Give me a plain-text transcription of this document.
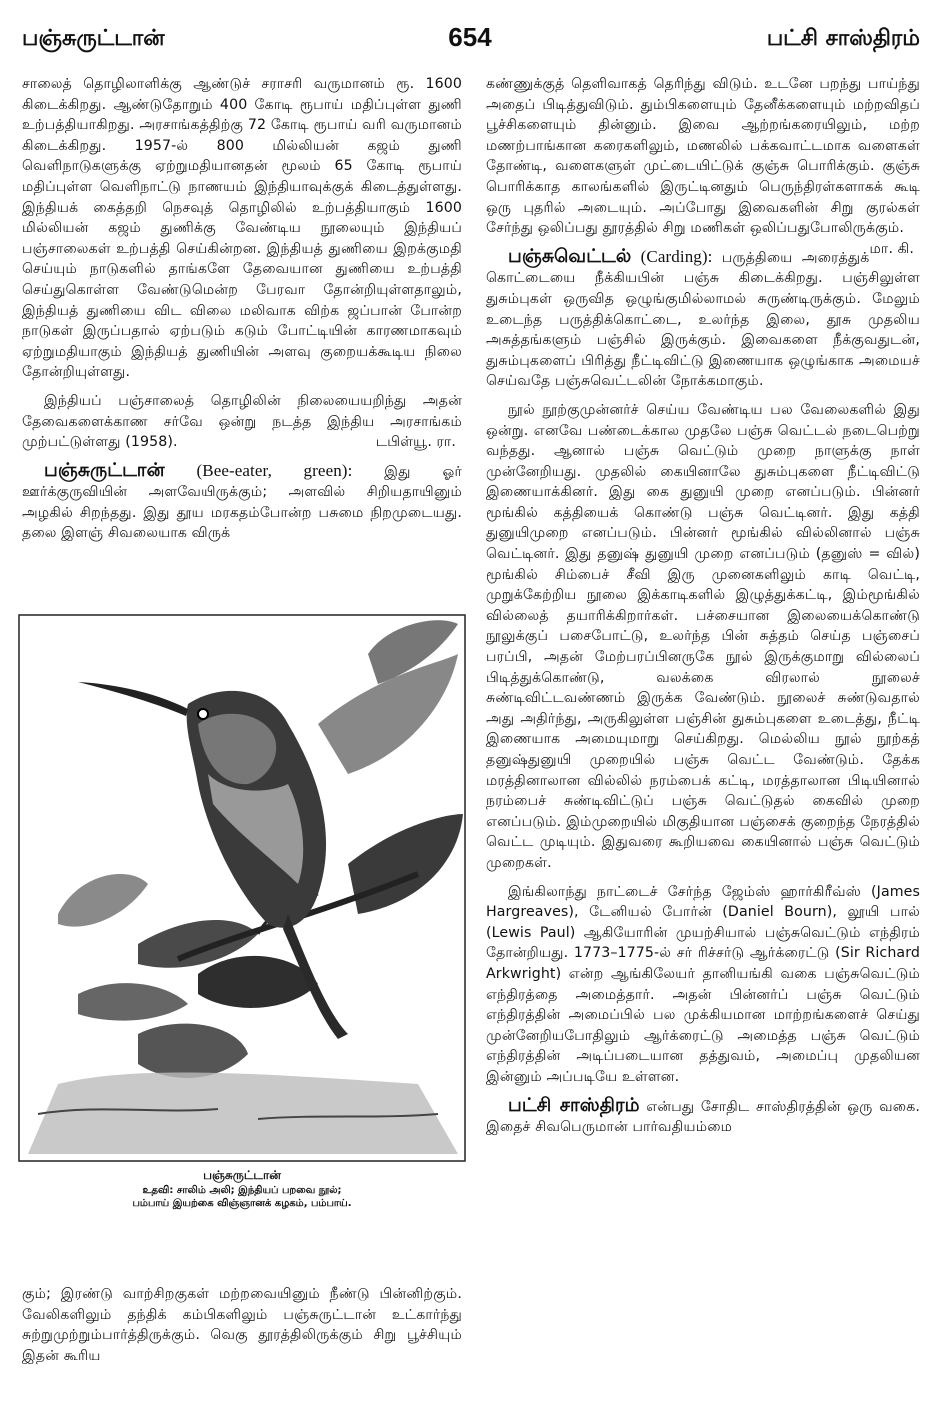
பஞ்சுருட்டான்	654	பட்சி சாஸ்திரம்

சாலைத் தொழிலாளிக்கு ஆண்டுச் சராசரி வருமானம் ரூ. 1600 கிடைக்கிறது. ஆண்டுதோறும் 400 கோடி ரூபாய் மதிப்புள்ள துணி உற்பத்தியாகிறது. அரசாங்கத்திற்கு 72 கோடி ரூபாய் வரி வருமானம் கிடைக்கிறது. 1957-ல் 800 மில்லியன் கஜம் துணி வெளிநாடுகளுக்கு ஏற்றுமதியானதன் மூலம் 65 கோடி ரூபாய் மதிப்புள்ள வெளிநாட்டு நாணயம் இந்தியாவுக்குக் கிடைத்துள்ளது. இந்தியக் கைத்தறி நெசவுத் தொழிலில் உற்பத்தியாகும் 1600 மில்லியன் கஜம் துணிக்கு வேண்டிய நூலையும் இந்தியப் பஞ்சாலைகள் உற்பத்தி செய்கின்றன. இந்தியத் துணியை இறக்குமதி செய்யும் நாடுகளில் தாங்களே தேவையான துணியை உற்பத்தி செய்துகொள்ள வேண்டுமென்ற பேரவா தோன்றியுள்ளதாலும், இந்தியத் துணியை விட விலை மலிவாக விற்க ஜப்பான் போன்ற நாடுகள் இருப்பதால் ஏற்படும் கடும் போட்டியின் காரணமாகவும் ஏற்றுமதியாகும் இந்தியத் துணியின் அளவு குறையக்கூடிய நிலை தோன்றியுள்ளது.

இந்தியப் பஞ்சாலைத் தொழிலின் நிலையையறிந்து அதன் தேவைகளைக்காண சர்வே ஒன்று நடத்த இந்திய அரசாங்கம் முற்பட்டுள்ளது (1958).	டபிள்யூ. ரா.

பஞ்சுருட்டான் (Bee-eater, green): இது ஓர் ஊர்க்குருவியின் அளவேயிருக்கும்; அளவில் சிறியதாயினும் அழகில் சிறந்தது. இது தூய மரகதம்போன்ற பசுமை நிறமுடையது. தலை இளஞ் சிவலையாக விருக்

பஞ்சுருட்டான்
உதவி: சாலிம் அலி; இந்தியப் பறவை நூல்;
பம்பாய் இயற்கை விஞ்ஞானக் கழகம், பம்பாய்.

கும்; இரண்டு வாற்சிறகுகள் மற்றவையினும் நீண்டு பின்னிற்கும். வேலிகளிலும் தந்திக் கம்பிகளிலும் பஞ்சுருட்டான் உட்கார்ந்து சுற்றுமுற்றும்பார்த்திருக்கும். வெகு தூரத்திலிருக்கும் சிறு பூச்சியும் இதன் கூரிய

கண்ணுக்குத் தெளிவாகத் தெரிந்து விடும். உடனே பறந்து பாய்ந்து அதைப் பிடித்துவிடும். தும்பிகளையும் தேனீக்களையும் மற்றவிதப் பூச்சிகளையும் தின்னும். இவை ஆற்றங்கரையிலும், மற்ற மணற்பாங்கான கரைகளிலும், மணலில் பக்கவாட்டமாக வளைகள் தோண்டி, வளைகளுள் முட்டையிட்டுக் குஞ்சு பொரிக்கும். குஞ்சு பொரிக்காத காலங்களில் இருட்டினதும் பெருந்திரள்களாகக் கூடி ஒரு புதரில் அடையும். அப்போது இவைகளின் சிறு குரல்கள் சேர்ந்து ஒலிப்பது தூரத்தில் சிறு மணிகள் ஒலிப்பதுபோலிருக்கும்.
மா. கி.

பஞ்சுவெட்டல் (Carding): பருத்தியை அரைத்துக் கொட்டையை நீக்கியபின் பஞ்சு கிடைக்கிறது. பஞ்சிலுள்ள துசும்புகள் ஒருவித ஒழுங்குமில்லாமல் சுருண்டிருக்கும். மேலும் உடைந்த பருத்திக்கொட்டை, உலர்ந்த இலை, தூசு முதலிய அசுத்தங்களும் பஞ்சில் இருக்கும். இவைகளை நீக்குவதுடன், துசும்புகளைப் பிரித்து நீட்டிவிட்டு இணையாக ஒழுங்காக அமையச் செய்வதே பஞ்சுவெட்டலின் நோக்கமாகும்.

நூல் நூற்குமுன்னர்ச் செய்ய வேண்டிய பல வேலைகளில் இது ஒன்று. எனவே பண்டைக்கால முதலே பஞ்சு வெட்டல் நடைபெற்று வந்தது. ஆனால் பஞ்சு வெட்டும் முறை நாளுக்கு நாள் முன்னேறியது. முதலில் கையினாலே துசும்புகளை நீட்டிவிட்டு இணையாக்கினர். இது கை துனுயி முறை எனப்படும். பின்னர் மூங்கில் கத்தியைக் கொண்டு பஞ்சு வெட்டினர். இது கத்தி துனுயிமுறை எனப்படும். பின்னர் மூங்கில் வில்லினால் பஞ்சு வெட்டினர். இது தனுஷ் துனுயி முறை எனப்படும் (தனுஸ் = வில்) மூங்கில் சிம்பைச் சீவி இரு முனைகளிலும் காடி வெட்டி, முறுக்கேற்றிய நூலை இக்காடிகளில் இழுத்துக்கட்டி, இம்மூங்கில் வில்லைத் தயாரிக்கிறார்கள். பச்சையான இலையைக்கொண்டு நூலுக்குப் பசைபோட்டு, உலர்ந்த பின் சுத்தம் செய்த பஞ்சைப் பரப்பி, அதன் மேற்பரப்பினருகே நூல் இருக்குமாறு வில்லைப் பிடித்துக்கொண்டு, வலக்கை விரலால் நூலைச் சுண்டிவிட்டவண்ணம் இருக்க வேண்டும். நூலைச் சுண்டுவதால் அது அதிர்ந்து, அருகிலுள்ள பஞ்சின் துசும்புகளை உடைத்து, நீட்டி இணையாக அமையுமாறு செய்கிறது. மெல்லிய நூல் நூற்கத் தனுஷ்துனுயி முறையில் பஞ்சு வெட்ட வேண்டும். தேக்க மரத்தினாலான வில்லில் நரம்பைக் கட்டி, மரத்தாலான பிடியினால் நரம்பைச் சுண்டிவிட்டுப் பஞ்சு வெட்டுதல் கைவில் முறை எனப்படும். இம்முறையில் மிகுதியான பஞ்சைக் குறைந்த நேரத்தில் வெட்ட முடியும். இதுவரை கூறியவை கையினால் பஞ்சு வெட்டும் முறைகள்.

இங்கிலாந்து நாட்டைச் சேர்ந்த ஜேம்ஸ் ஹார்கிரீவ்ஸ் (James Hargreaves), டேனியல் போர்ன் (Daniel Bourn), லூயி பால் (Lewis Paul) ஆகியோரின் முயற்சியால் பஞ்சுவெட்டும் எந்திரம் தோன்றியது. 1773–1775-ல் சர் ரிச்சர்டு ஆர்க்ரைட்டு (Sir Richard Arkwright) என்ற ஆங்கிலேயர் தானியங்கி வகை பஞ்சுவெட்டும் எந்திரத்தை அமைத்தார். அதன் பின்னர்ப் பஞ்சு வெட்டும் எந்திரத்தின் அமைப்பில் பல முக்கியமான மாற்றங்களைச் செய்து முன்னேறியபோதிலும் ஆர்க்ரைட்டு அமைத்த பஞ்சு வெட்டும் எந்திரத்தின் அடிப்படையான தத்துவம், அமைப்பு முதலியன இன்னும் அப்படியே உள்ளன.

பட்சி சாஸ்திரம் என்பது சோதிட சாஸ்திரத்தின் ஒரு வகை. இதைச் சிவபெருமான் பார்வதியம்மை
